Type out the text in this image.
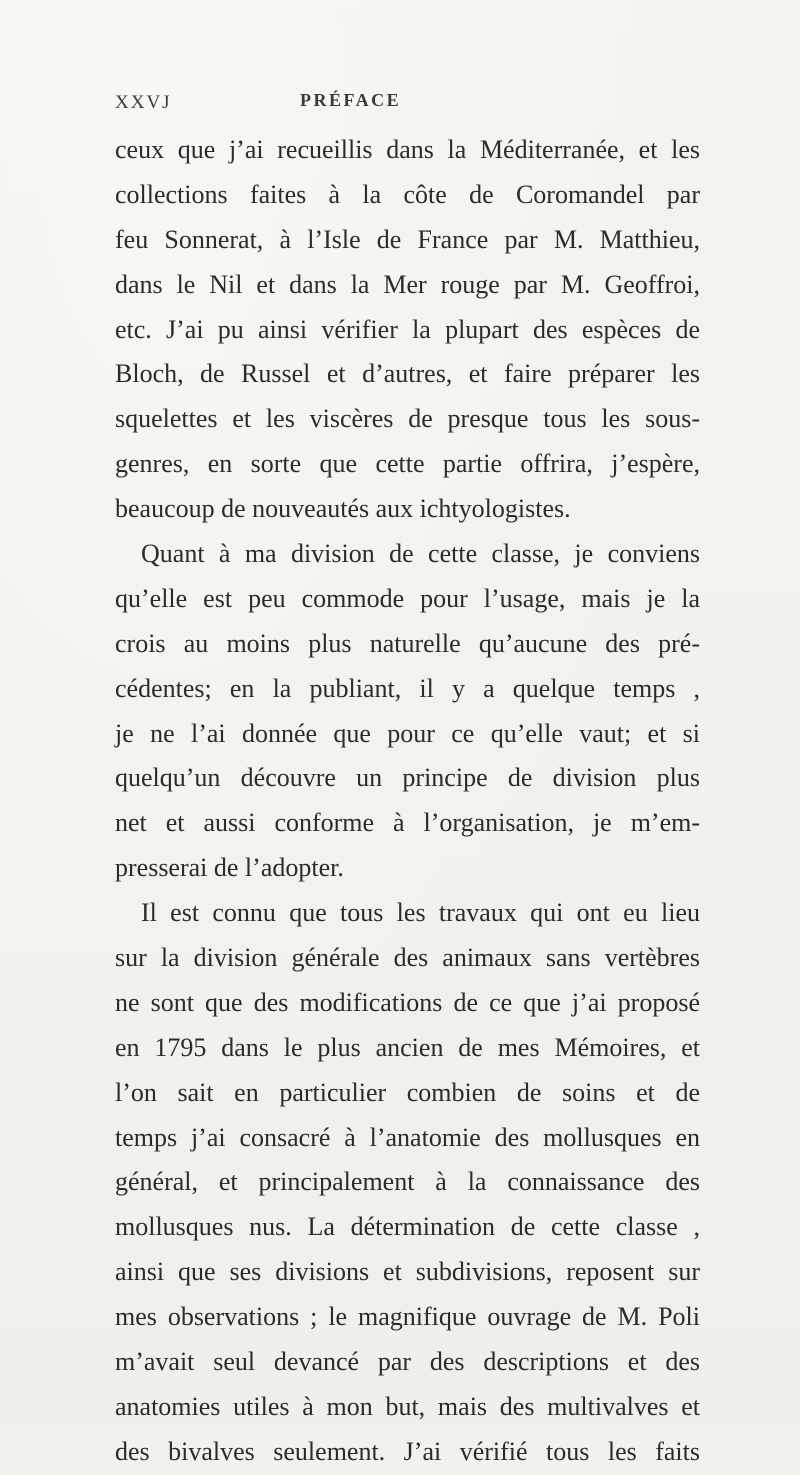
XXVJ	PRÉFACE
ceux que j’ai recueillis dans la Méditerranée, et les
collections faites à la côte de Coromandel par
feu Sonnerat, à l’Isle de France par M. Matthieu,
dans le Nil et dans la Mer rouge par M. Geoffroi,
etc. J’ai pu ainsi vérifier la plupart des espèces de
Bloch, de Russel et d’autres, et faire préparer les
squelettes et les viscères de presque tous les sous-
genres, en sorte que cette partie offrira, j’espère,
beaucoup de nouveautés aux ichtyologistes.
Quant à ma division de cette classe, je conviens
qu’elle est peu commode pour l’usage, mais je la
crois au moins plus naturelle qu’aucune des pré-
cédentes; en la publiant, il y a quelque temps ,
je ne l’ai donnée que pour ce qu’elle vaut; et si
quelqu’un découvre un principe de division plus
net et aussi conforme à l’organisation, je m’em-
presserai de l’adopter.
Il est connu que tous les travaux qui ont eu lieu
sur la division générale des animaux sans vertèbres
ne sont que des modifications de ce que j’ai proposé
en 1795 dans le plus ancien de mes Mémoires, et
l’on sait en particulier combien de soins et de
temps j’ai consacré à l’anatomie des mollusques en
général, et principalement à la connaissance des
mollusques nus. La détermination de cette classe ,
ainsi que ses divisions et subdivisions, reposent sur
mes observations ; le magnifique ouvrage de M. Poli
m’avait seul devancé par des descriptions et des
anatomies utiles à mon but, mais des multivalves et
des bivalves seulement. J’ai vérifié tous les faits
